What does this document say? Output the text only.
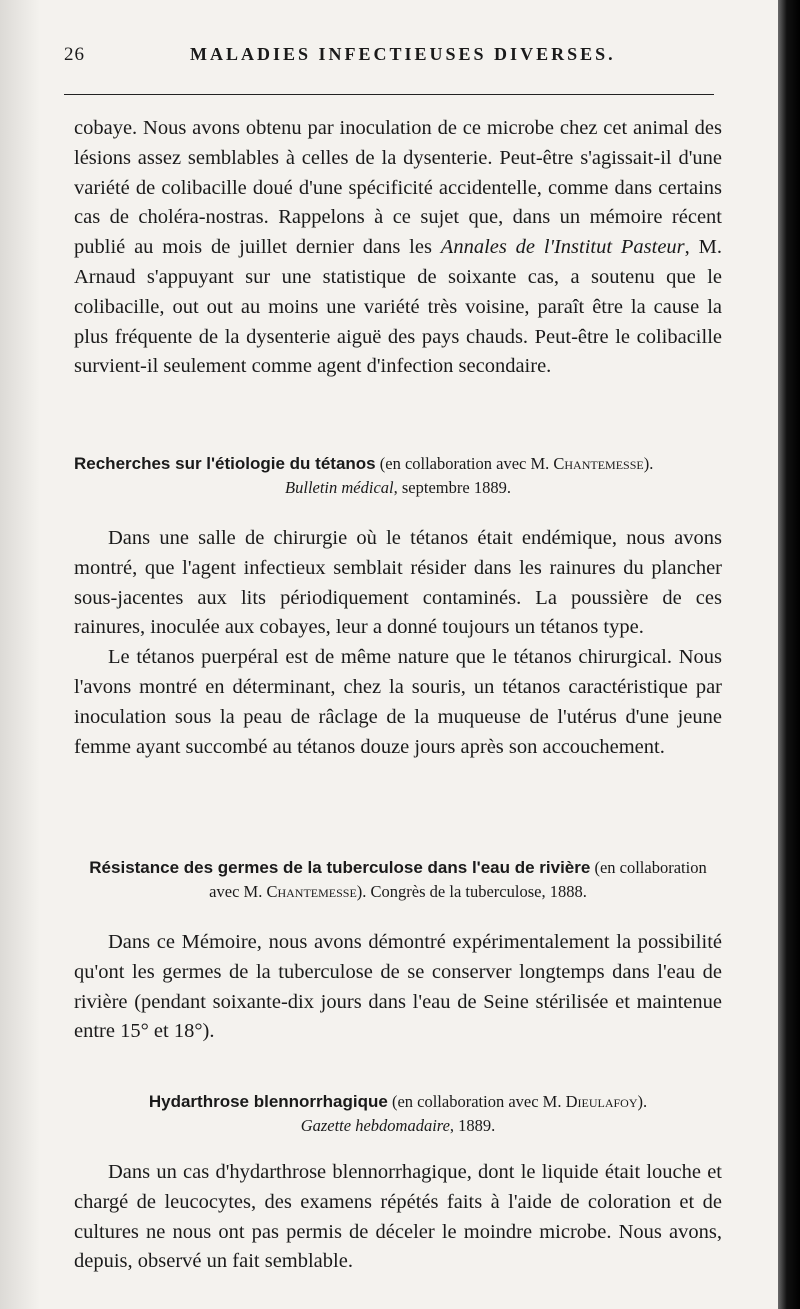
26	MALADIES INFECTIEUSES DIVERSES.

cobaye. Nous avons obtenu par inoculation de ce microbe chez cet animal des lésions assez semblables à celles de la dysenterie. Peut-être s'agissait-il d'une variété de colibacille doué d'une spécificité accidentelle, comme dans certains cas de choléra-nostras. Rappelons à ce sujet que, dans un mémoire récent publié au mois de juillet dernier dans les Annales de l'Institut Pasteur, M. Arnaud s'appuyant sur une statistique de soixante cas, a soutenu que le colibacille, out out au moins une variété très voisine, paraît être la cause la plus fréquente de la dysenterie aiguë des pays chauds. Peut-être le colibacille survient-il seulement comme agent d'infection secondaire.

Recherches sur l'étiologie du tétanos (en collaboration avec M. Chantemesse).

Bulletin médical, septembre 1889.

Dans une salle de chirurgie où le tétanos était endémique, nous avons montré, que l'agent infectieux semblait résider dans les rainures du plancher sous-jacentes aux lits périodiquement contaminés. La poussière de ces rainures, inoculée aux cobayes, leur a donné toujours un tétanos type.

Le tétanos puerpéral est de même nature que le tétanos chirurgical. Nous l'avons montré en déterminant, chez la souris, un tétanos caractéristique par inoculation sous la peau de râclage de la muqueuse de l'utérus d'une jeune femme ayant succombé au tétanos douze jours après son accouchement.

Résistance des germes de la tuberculose dans l'eau de rivière (en collaboration avec M. Chantemesse). Congrès de la tuberculose, 1888.

Dans ce Mémoire, nous avons démontré expérimentalement la possibilité qu'ont les germes de la tuberculose de se conserver longtemps dans l'eau de rivière (pendant soixante-dix jours dans l'eau de Seine stérilisée et maintenue entre 15° et 18°).

Hydarthrose blennorrhagique (en collaboration avec M. Dieulafoy).

Gazette hebdomadaire, 1889.

Dans un cas d'hydarthrose blennorrhagique, dont le liquide était louche et chargé de leucocytes, des examens répétés faits à l'aide de coloration et de cultures ne nous ont pas permis de déceler le moindre microbe. Nous avons, depuis, observé un fait semblable.
